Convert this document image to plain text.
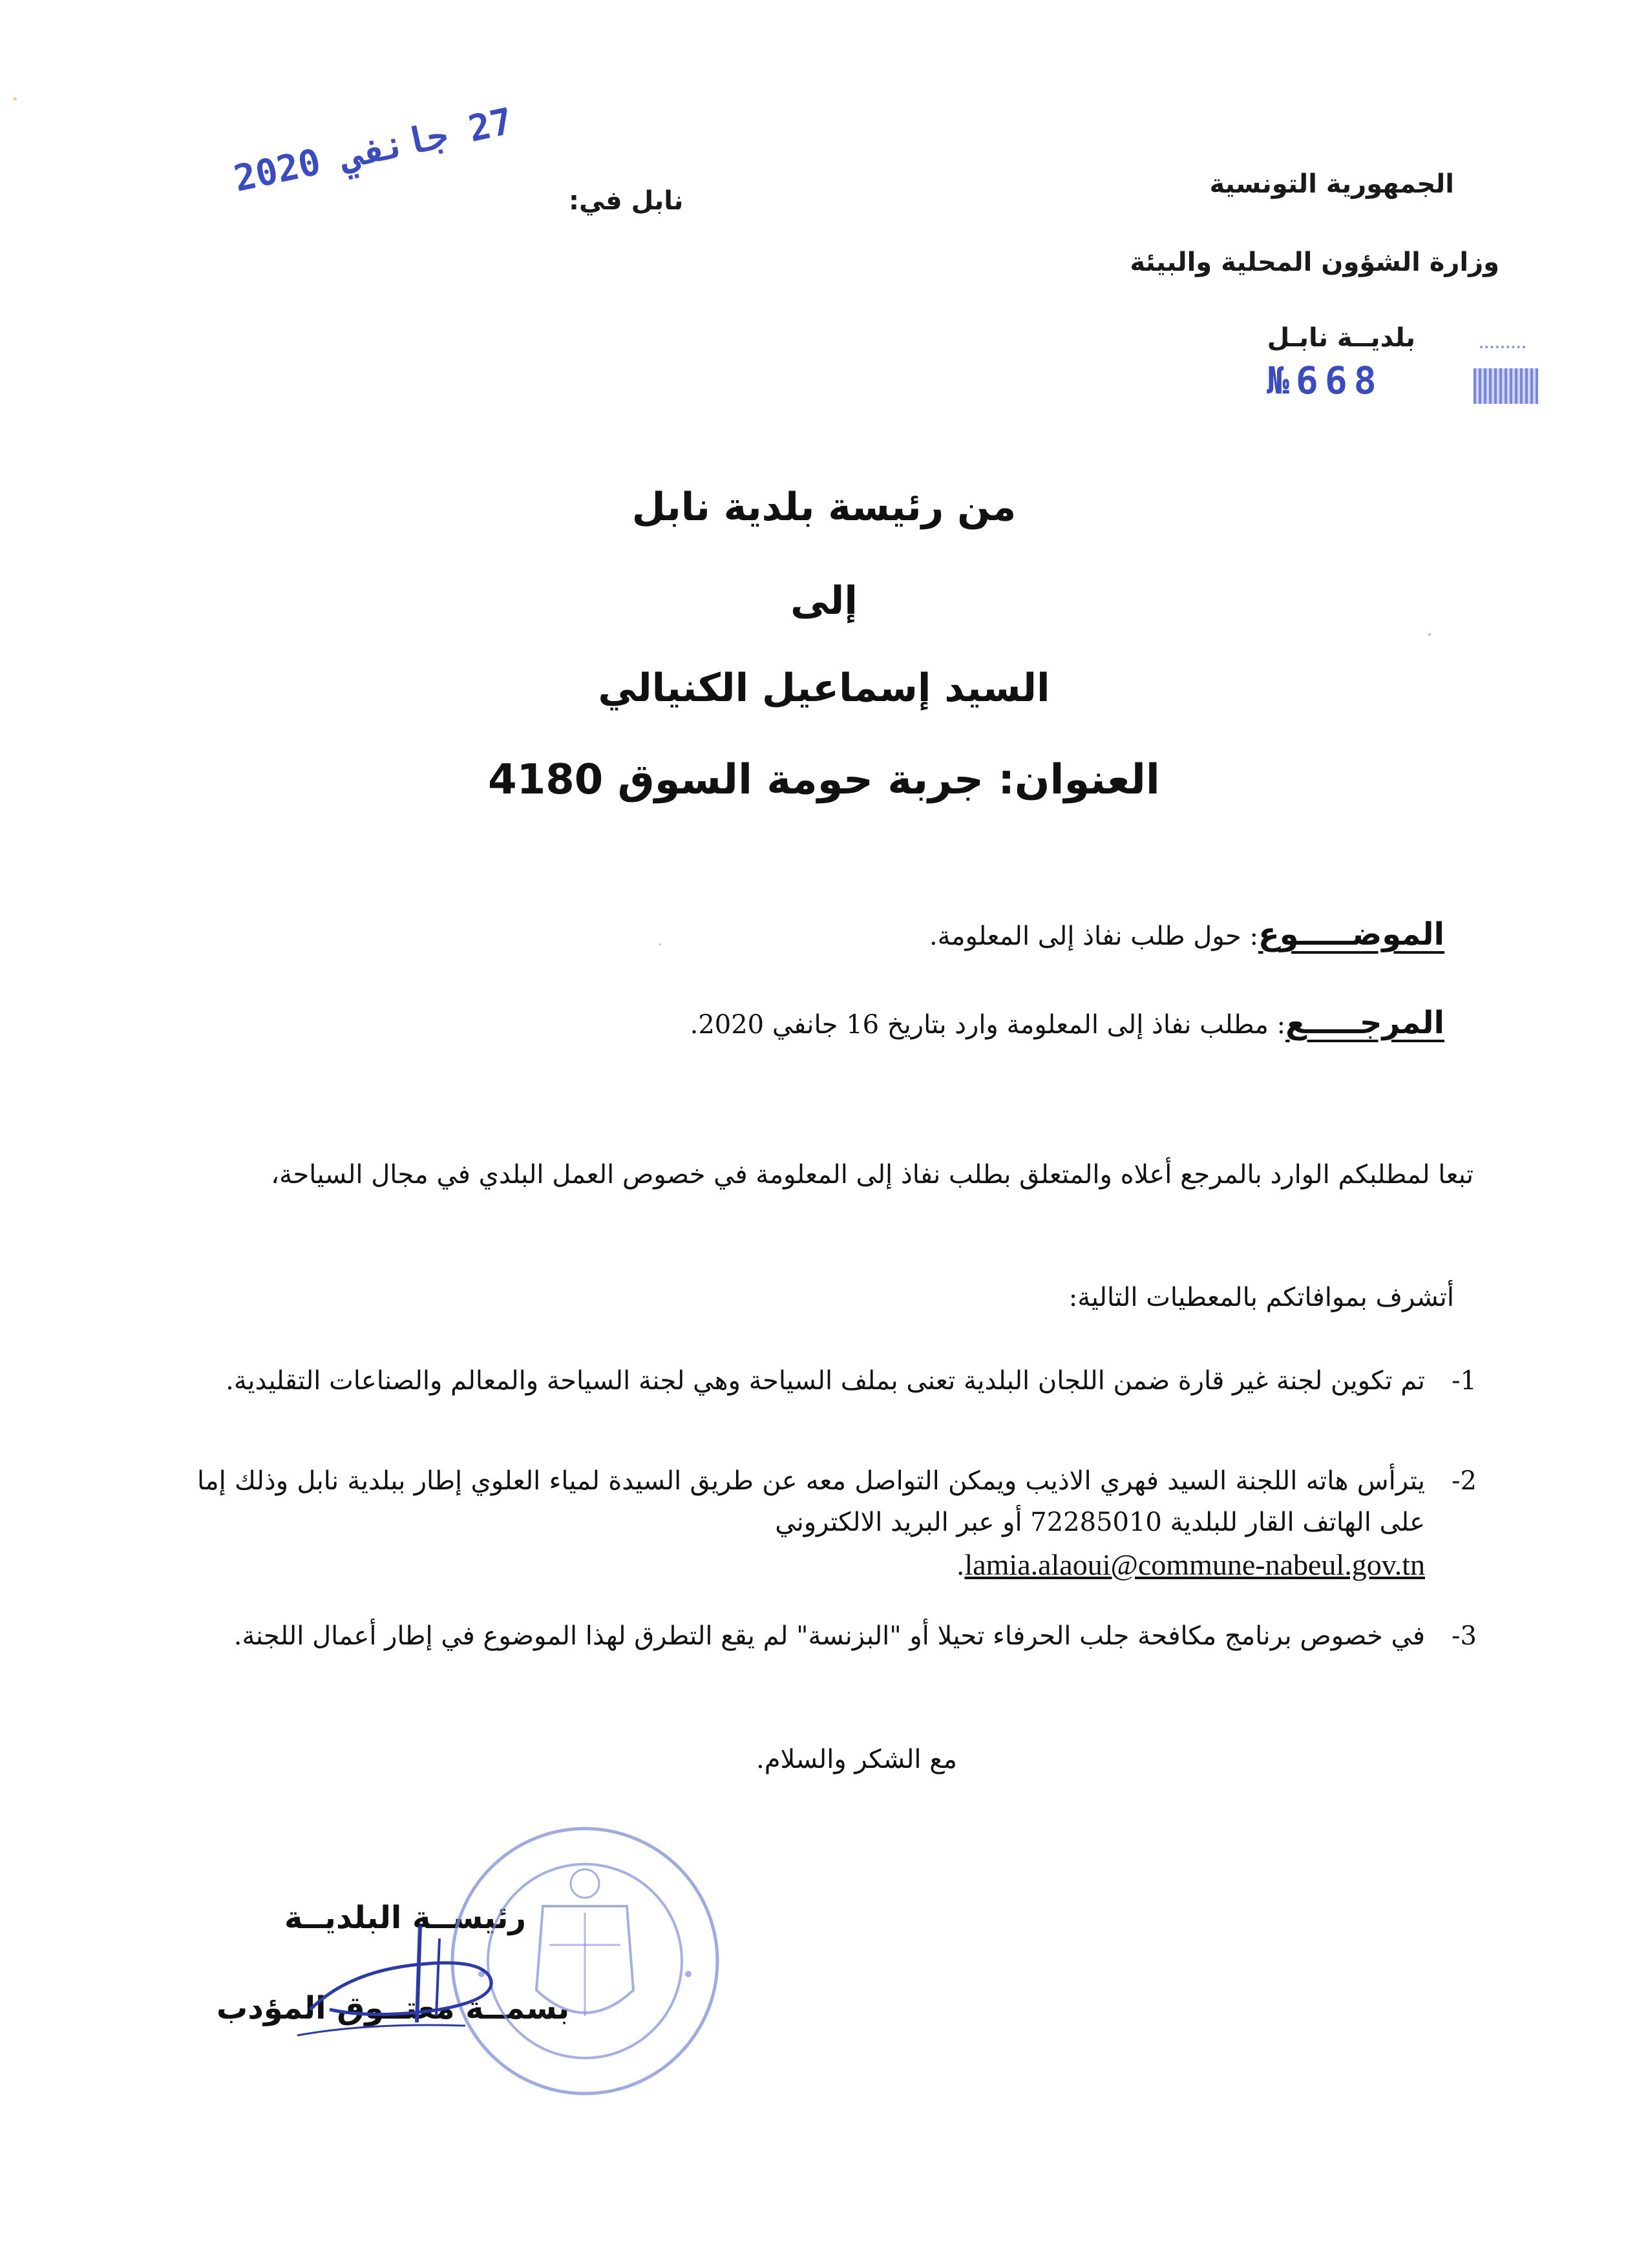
الجمهورية التونسية
وزارة الشؤون المحلية والبيئة
بلديــة نابـل
نابل في:
27 جانفي 2020
№668
من رئيسة بلدية نابل
إلى
السيد إسماعيل الكنيالي
العنوان: جربة حومة السوق 4180
الموضـــــوع: حول طلب نفاذ إلى المعلومة.
المرجـــــع: مطلب نفاذ إلى المعلومة وارد بتاريخ 16 جانفي 2020.
تبعا لمطلبكم الوارد بالمرجع أعلاه والمتعلق بطلب نفاذ إلى المعلومة في خصوص العمل البلدي في مجال السياحة،
أتشرف بموافاتكم بالمعطيات التالية:
1-
تم تكوين لجنة غير قارة ضمن اللجان البلدية تعنى بملف السياحة وهي لجنة السياحة والمعالم والصناعات التقليدية.
2-
يترأس هاته اللجنة السيد فهري الاذيب ويمكن التواصل معه عن طريق السيدة لمياء العلوي إطار ببلدية نابل وذلك إما على الهاتف القار للبلدية 72285010 أو عبر البريد الالكتروني
lamia.alaoui@commune-nabeul.gov.tn.
3-
في خصوص برنامج مكافحة جلب الحرفاء تحيلا أو "البزنسة" لم يقع التطرق لهذا الموضوع في إطار أعمال اللجنة.
مع الشكر والسلام.
رئيســة البلديــة
بسمــة معتــوق المؤدب
